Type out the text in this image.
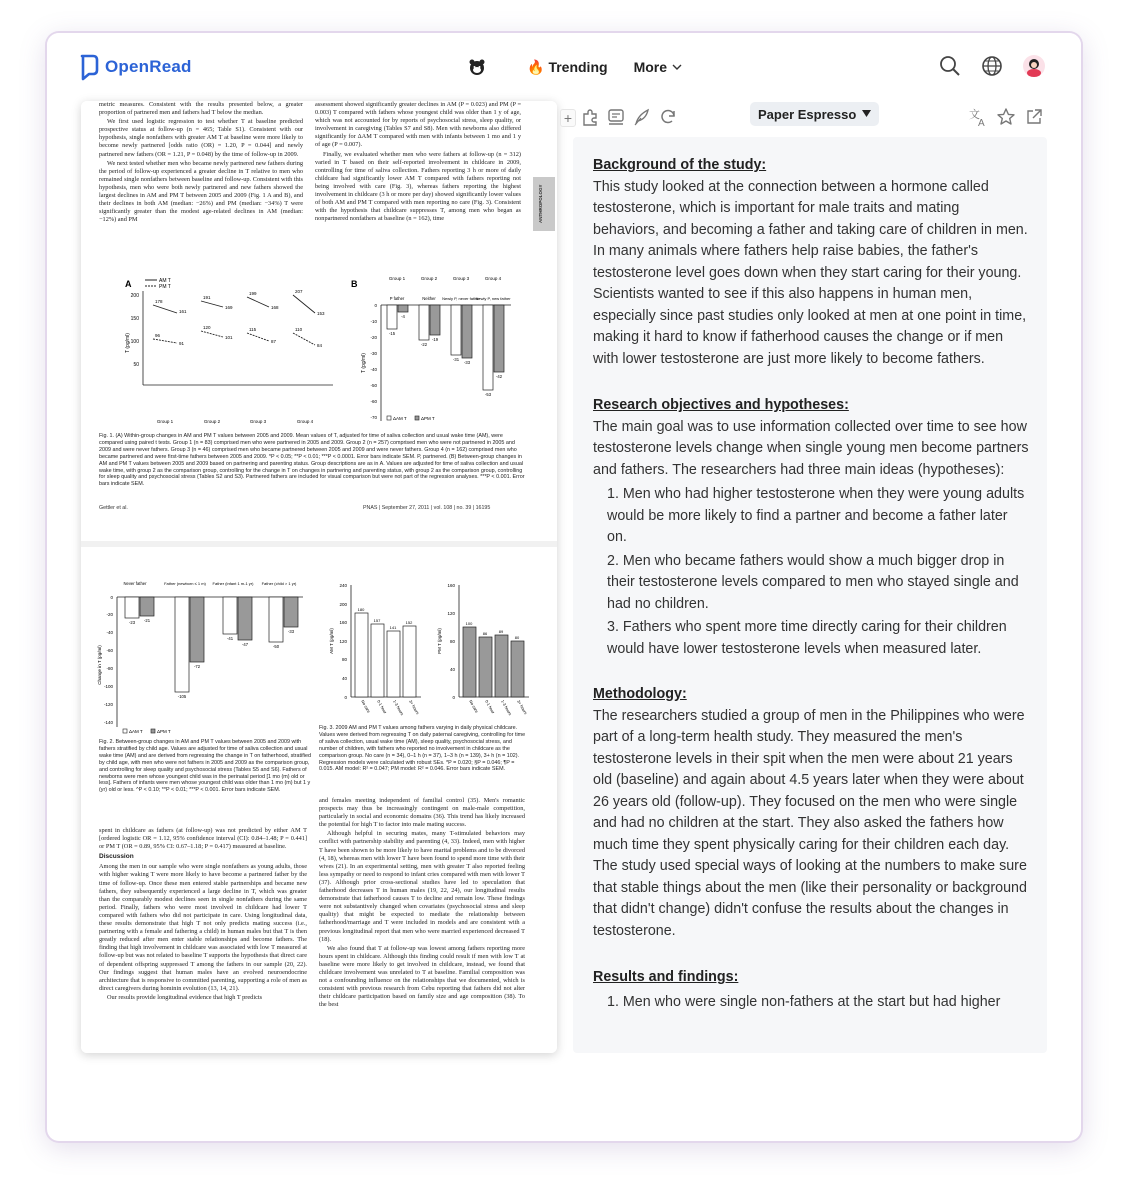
OpenRead	🔥 Trending More

metric measures. Consistent with the results presented below, a greater proportion of partnered men and fathers had T below the median.

We first used logistic regression to test whether T at baseline predicted prospective status at follow-up (n = 465; Table S1). Consistent with our hypothesis, single nonfathers with greater AM T at baseline were more likely to become newly partnered [odds ratio (OR) = 1.20, P = 0.044] and newly partnered new fathers (OR = 1.21, P = 0.048) by the time of follow-up in 2009.

We next tested whether men who became newly partnered new fathers during the period of follow-up experienced a greater decline in T relative to men who remained single nonfathers between baseline and follow-up. Consistent with this hypothesis, men who were both newly partnered and new fathers showed the largest declines in AM and PM T between 2005 and 2009 (Fig. 1 A and B), and their declines in both AM (median: −26%) and PM (median: −34%) T were significantly greater than the modest age-related declines in AM (median: −12%) and PM

assessment showed significantly greater declines in AM (P = 0.023) and PM (P = 0.003) T compared with fathers whose youngest child was older than 1 y of age, which was not accounted for by reports of psychosocial stress, sleep quality, or involvement in caregiving (Tables S7 and S8). Men with newborns also differed significantly for ΔAM T compared with men with infants between 1 mo and 1 y of age (P = 0.007).

Finally, we evaluated whether men who were fathers at follow-up (n = 312) varied in T based on their self-reported involvement in childcare in 2009, controlling for time of saliva collection. Fathers reporting 3 h or more of daily childcare had significantly lower AM T compared with fathers reporting not being involved with care (Fig. 3), whereas fathers reporting the highest involvement in childcare (3 h or more per day) showed significantly lower values of both AM and PM T compared with men reporting no care (Fig. 3). Consistent with the hypothesis that childcare suppresses T, among men who began as nonpartnered nonfathers at baseline (n = 162), time	ANTHROPOLOGY
A	AM T
PM T
200
150
100
50
T (pg/ml)
178
161
96
91
191
169
120
101
199
168
115
87
207
153
110
84
Group 1	Group 2	Group 3	Group 4
B
Group 1	Group 2	Group 3	Group 4
P father	Neither Newly P, never father
Newly P, new father
0
-10
-20
-30
-40
-50
-60
-70
T (pg/ml)
-15
-4
-22
-19
-31
-33
-53
-42
ΔAM T	ΔPM T
Fig. 1. (A) Within-group changes in AM and PM T values between 2005 and 2009. Mean values of T, adjusted for time of saliva collection and usual wake time (AM), were compared using paired t tests. Group 1 (n = 83) comprised men who were partnered in 2005 and 2009. Group 2 (n = 257) comprised men who were not partnered in 2005 and 2009 and were never fathers. Group 3 (n = 46) comprised men who became partnered between 2005 and 2009 and were never fathers. Group 4 (n = 162) comprised men who became partnered and were first-time fathers between 2005 and 2009. *P < 0.05; **P < 0.01; ***P < 0.0001. Error bars indicate SEM. P, partnered. (B) Between-group changes in AM and PM T values between 2005 and 2009 based on partnering and parenting status. Group descriptions are as in A. Values are adjusted for time of saliva collection and usual wake time, with group 2 as the comparison group, controlling for the change in T on changes in partnering and parenting status, with group 2 as the comparison group, controlling for sleep quality and psychosocial stress (Tables S2 and S3). Partnered fathers are included for visual comparison but were not part of the regression analyses. ***P < 0.001. Error bars indicate SEM.
Gettler et al.	PNAS | September 27, 2011 | vol. 108 | no. 39 | 16195
Never father	Father (newborn ≤ 1 m) Father (infant 1 m-1 yr) Father (child > 1 yr)
0
-20
-40
-60
-80
-100
-120
-140
Change in T (pg/ml)
-23 -21
-105
-72
-41
-47	-50
-33
ΔAM T	ΔPM T
240
200
160
120
80
40
0
AM T (pg/ml)
180
157
141
152
No care 0-1 hour 1-3 hours 3+ hours
160
120
80
40
0
PM T (pg/ml)
100
86	89
80
No care 0-1 hour 1-3 hours 3+ hours
Fig. 2. Between-group changes in AM and PM T values between 2005 and 2009 with fathers stratified by child age. Values are adjusted for time of saliva collection and usual wake time (AM) and are derived from regressing the change in T on fatherhood, stratified by child age, with men who were not fathers in 2005 and 2009 as the comparison group, and controlling for sleep quality and psychosocial stress (Tables S5 and S6). Fathers of newborns were men whose youngest child was in the perinatal period [1 mo (m) old or less]. Fathers of infants were men whose youngest child was older than 1 mo (m) but 1 y (yr) old or less. ^P < 0.10; **P < 0.01; ***P < 0.001. Error bars indicate SEM.
Fig. 3. 2009 AM and PM T values among fathers varying in daily physical childcare. Values were derived from regressing T on daily paternal caregiving, controlling for time of saliva collection, usual wake time (AM), sleep quality, psychosocial stress, and number of children, with fathers who reported no involvement in childcare as the comparison group. No care (n = 34), 0–1 h (n = 37), 1–3 h (n = 139), 3+ h (n = 102). Regression models were calculated with robust SEs. *P = 0.020; §P = 0.046; ¶P = 0.015. AM model: R² = 0.047; PM model: R² = 0.046. Error bars indicate SEM.

spent in childcare as fathers (at follow-up) was not predicted by either AM T [ordered logistic OR = 1.12, 95% confidence interval (CI): 0.84–1.48; P = 0.441] or PM T (OR = 0.89, 95% CI: 0.67–1.18; P = 0.417) measured at baseline.

Discussion

Among the men in our sample who were single nonfathers as young adults, those with higher waking T were more likely to have become a partnered father by the time of follow-up. Once these men entered stable partnerships and became new fathers, they subsequently experienced a large decline in T, which was greater than the comparably modest declines seen in single nonfathers during the same period. Finally, fathers who were most involved in childcare had lower T compared with fathers who did not participate in care. Using longitudinal data, these results demonstrate that high T not only predicts mating success (i.e., partnering with a female and fathering a child) in human males but that T is then greatly reduced after men enter stable relationships and become fathers. The finding that high involvement in childcare was associated with low T measured at follow-up but was not related to baseline T supports the hypothesis that direct care of dependent offspring suppressed T among the fathers in our sample (20, 22). Our findings suggest that human males have an evolved neuroendocrine architecture that is responsive to committed parenting, supporting a role of men as direct caregivers during hominin evolution (13, 14, 21).

Our results provide longitudinal evidence that high T predicts

and females meeting independent of familial control (35). Men's romantic prospects may thus be increasingly contingent on male-male competition, particularly in social and economic domains (36). This trend has likely increased the potential for high T to factor into male mating success.

Although helpful in securing mates, many T-stimulated behaviors may conflict with partnership stability and parenting (4, 33). Indeed, men with higher T have been shown to be more likely to have marital problems and to be divorced (4, 18), whereas men with lower T have been found to spend more time with their wives (21). In an experimental setting, men with greater T also reported feeling less sympathy or need to respond to infant cries compared with men with lower T (37). Although prior cross-sectional studies have led to speculation that fatherhood decreases T in human males (19, 22, 24), our longitudinal results demonstrate that fatherhood causes T to decline and remain low. These findings were not substantively changed when covariates (psychosocial stress and sleep quality) that might be expected to mediate the relationship between fatherhood/marriage and T were included in models and are consistent with a previous longitudinal report that men who were married experienced decreased T (18).

We also found that T at follow-up was lowest among fathers reporting more hours spent in childcare. Although this finding could result if men with low T at baseline were more likely to get involved in childcare, instead, we found that childcare involvement was unrelated to T at baseline. Familial composition was not a confounding influence on the relationships that we documented, which is consistent with previous research from Cebu reporting that fathers did not alter their childcare participation based on family size and age composition (38). To the best

+	Paper Espresso	文
A

Background of the study:

This study looked at the connection between a hormone called testosterone, which is important for male traits and mating behaviors, and becoming a father and taking care of children in men. In many animals where fathers help raise babies, the father's testosterone level goes down when they start caring for their young. Scientists wanted to see if this also happens in human men, especially since past studies only looked at men at one point in time, making it hard to know if fatherhood causes the change or if men with lower testosterone are just more likely to become fathers.

Research objectives and hypotheses:

The main goal was to use information collected over time to see how testosterone levels change when single young men become partners and fathers. The researchers had three main ideas (hypotheses):

1. Men who had higher testosterone when they were young adults would be more likely to find a partner and become a father later on.
2. Men who became fathers would show a much bigger drop in their testosterone levels compared to men who stayed single and had no children.
3. Fathers who spent more time directly caring for their children would have lower testosterone levels when measured later.

Methodology:

The researchers studied a group of men in the Philippines who were part of a long-term health study. They measured the men's testosterone levels in their spit when the men were about 21 years old (baseline) and again about 4.5 years later when they were about 26 years old (follow-up). They focused on the men who were single and had no children at the start. They also asked the fathers how much time they spent physically caring for their children each day. The study used special ways of looking at the numbers to make sure that stable things about the men (like their personality or background that didn't change) didn't confuse the results about the changes in testosterone.

Results and findings:

1. Men who were single non-fathers at the start but had higher
